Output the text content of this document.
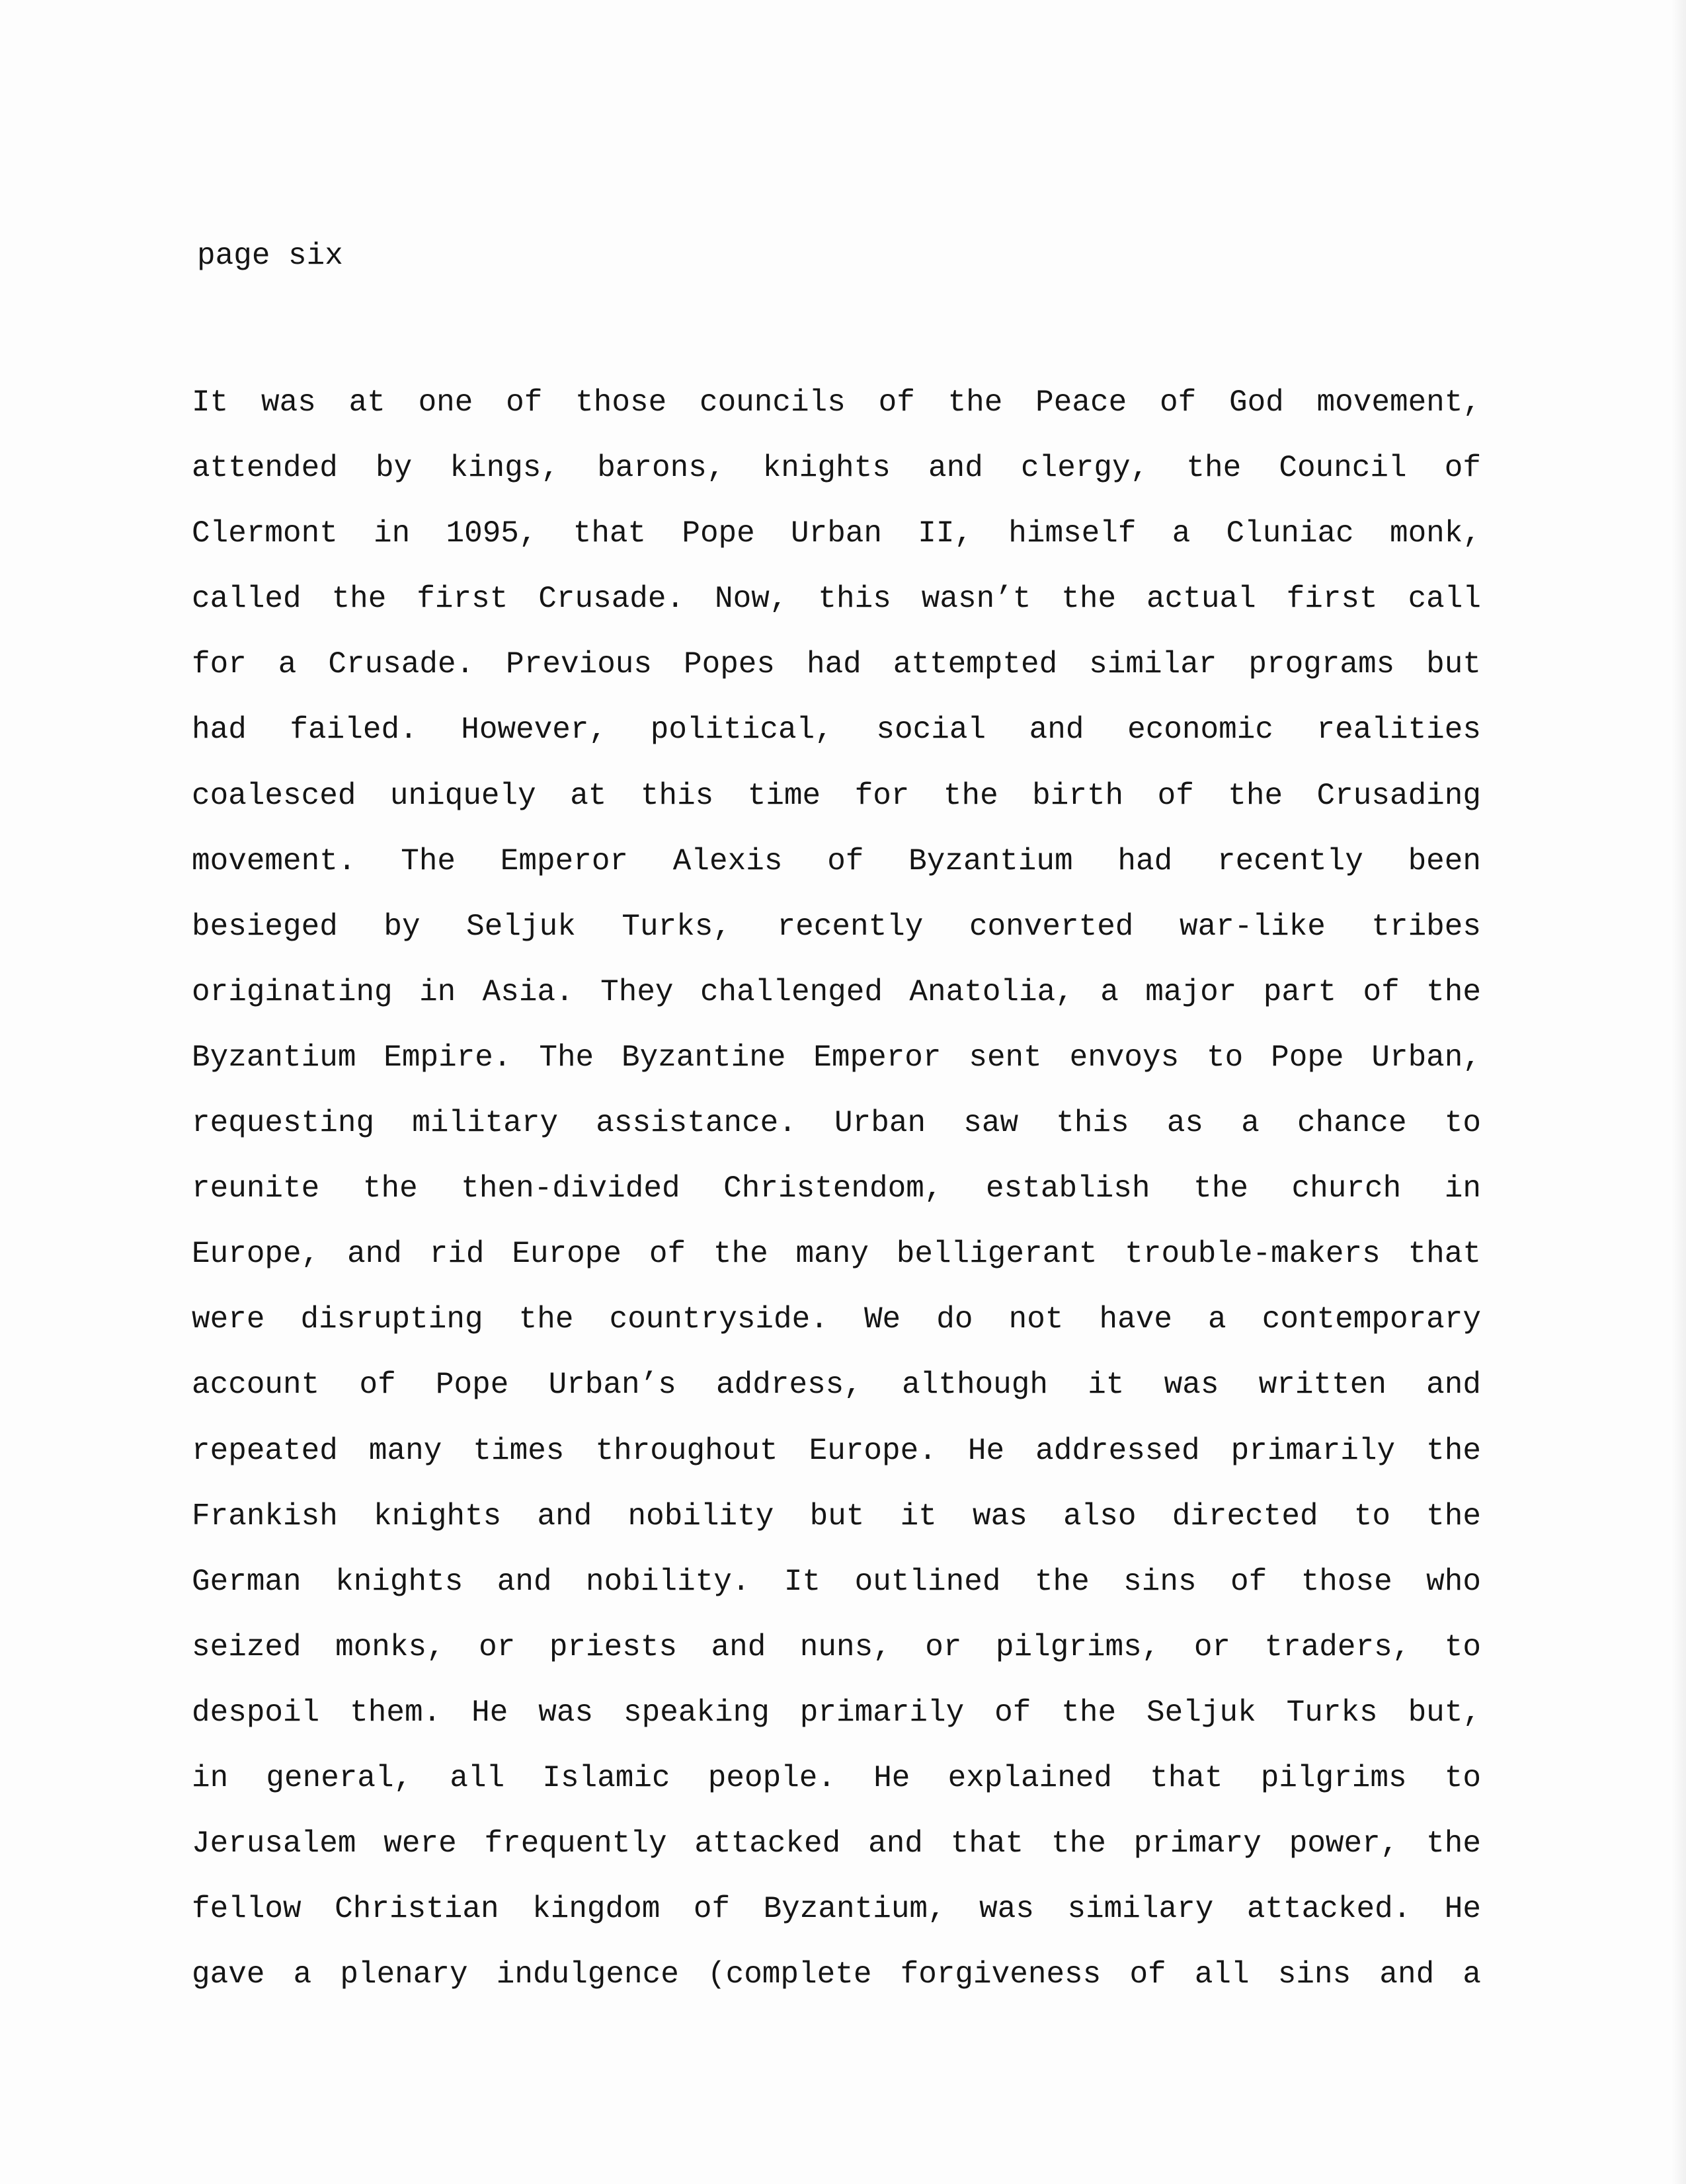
page six
It was at one of those councils of the Peace of God movement,
attended by kings, barons, knights and clergy, the Council of
Clermont in 1095, that Pope Urban II, himself a Cluniac monk,
called the first Crusade. Now, this wasn’t the actual first call
for a Crusade. Previous Popes had attempted similar programs but
had failed. However, political, social and economic realities
coalesced uniquely at this time for the birth of the Crusading
movement. The Emperor Alexis of Byzantium had recently been
besieged by Seljuk Turks, recently converted war-like tribes
originating in Asia. They challenged Anatolia, a major part of the
Byzantium Empire. The Byzantine Emperor sent envoys to Pope Urban,
requesting military assistance. Urban saw this as a chance to
reunite the then-divided Christendom, establish the church in
Europe, and rid Europe of the many belligerant trouble-makers that
were disrupting the countryside. We do not have a contemporary
account of Pope Urban’s address, although it was written and
repeated many times throughout Europe. He addressed primarily the
Frankish knights and nobility but it was also directed to the
German knights and nobility. It outlined the sins of those who
seized monks, or priests and nuns, or pilgrims, or traders, to
despoil them. He was speaking primarily of the Seljuk Turks but,
in general, all Islamic people. He explained that pilgrims to
Jerusalem were frequently attacked and that the primary power, the
fellow Christian kingdom of Byzantium, was similary attacked. He
gave a plenary indulgence (complete forgiveness of all sins and a
